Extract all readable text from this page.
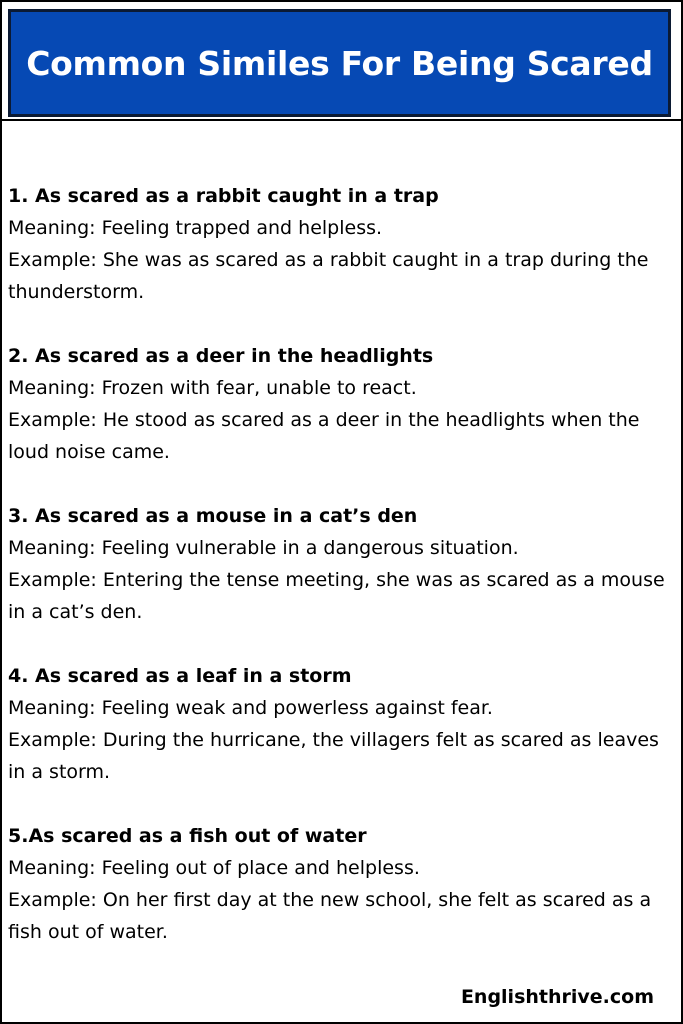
Common Similes For Being Scared
1. As scared as a rabbit caught in a trap
Meaning: Feeling trapped and helpless.
Example: She was as scared as a rabbit caught in a trap during the thunderstorm.
2. As scared as a deer in the headlights
Meaning: Frozen with fear, unable to react.
Example: He stood as scared as a deer in the headlights when the loud noise came.
3. As scared as a mouse in a cat’s den
Meaning: Feeling vulnerable in a dangerous situation.
Example: Entering the tense meeting, she was as scared as a mouse in a cat’s den.
4. As scared as a leaf in a storm
Meaning: Feeling weak and powerless against fear.
Example: During the hurricane, the villagers felt as scared as leaves in a storm.
5.As scared as a fish out of water
Meaning: Feeling out of place and helpless.
Example: On her first day at the new school, she felt as scared as a fish out of water.
Englishthrive.com
